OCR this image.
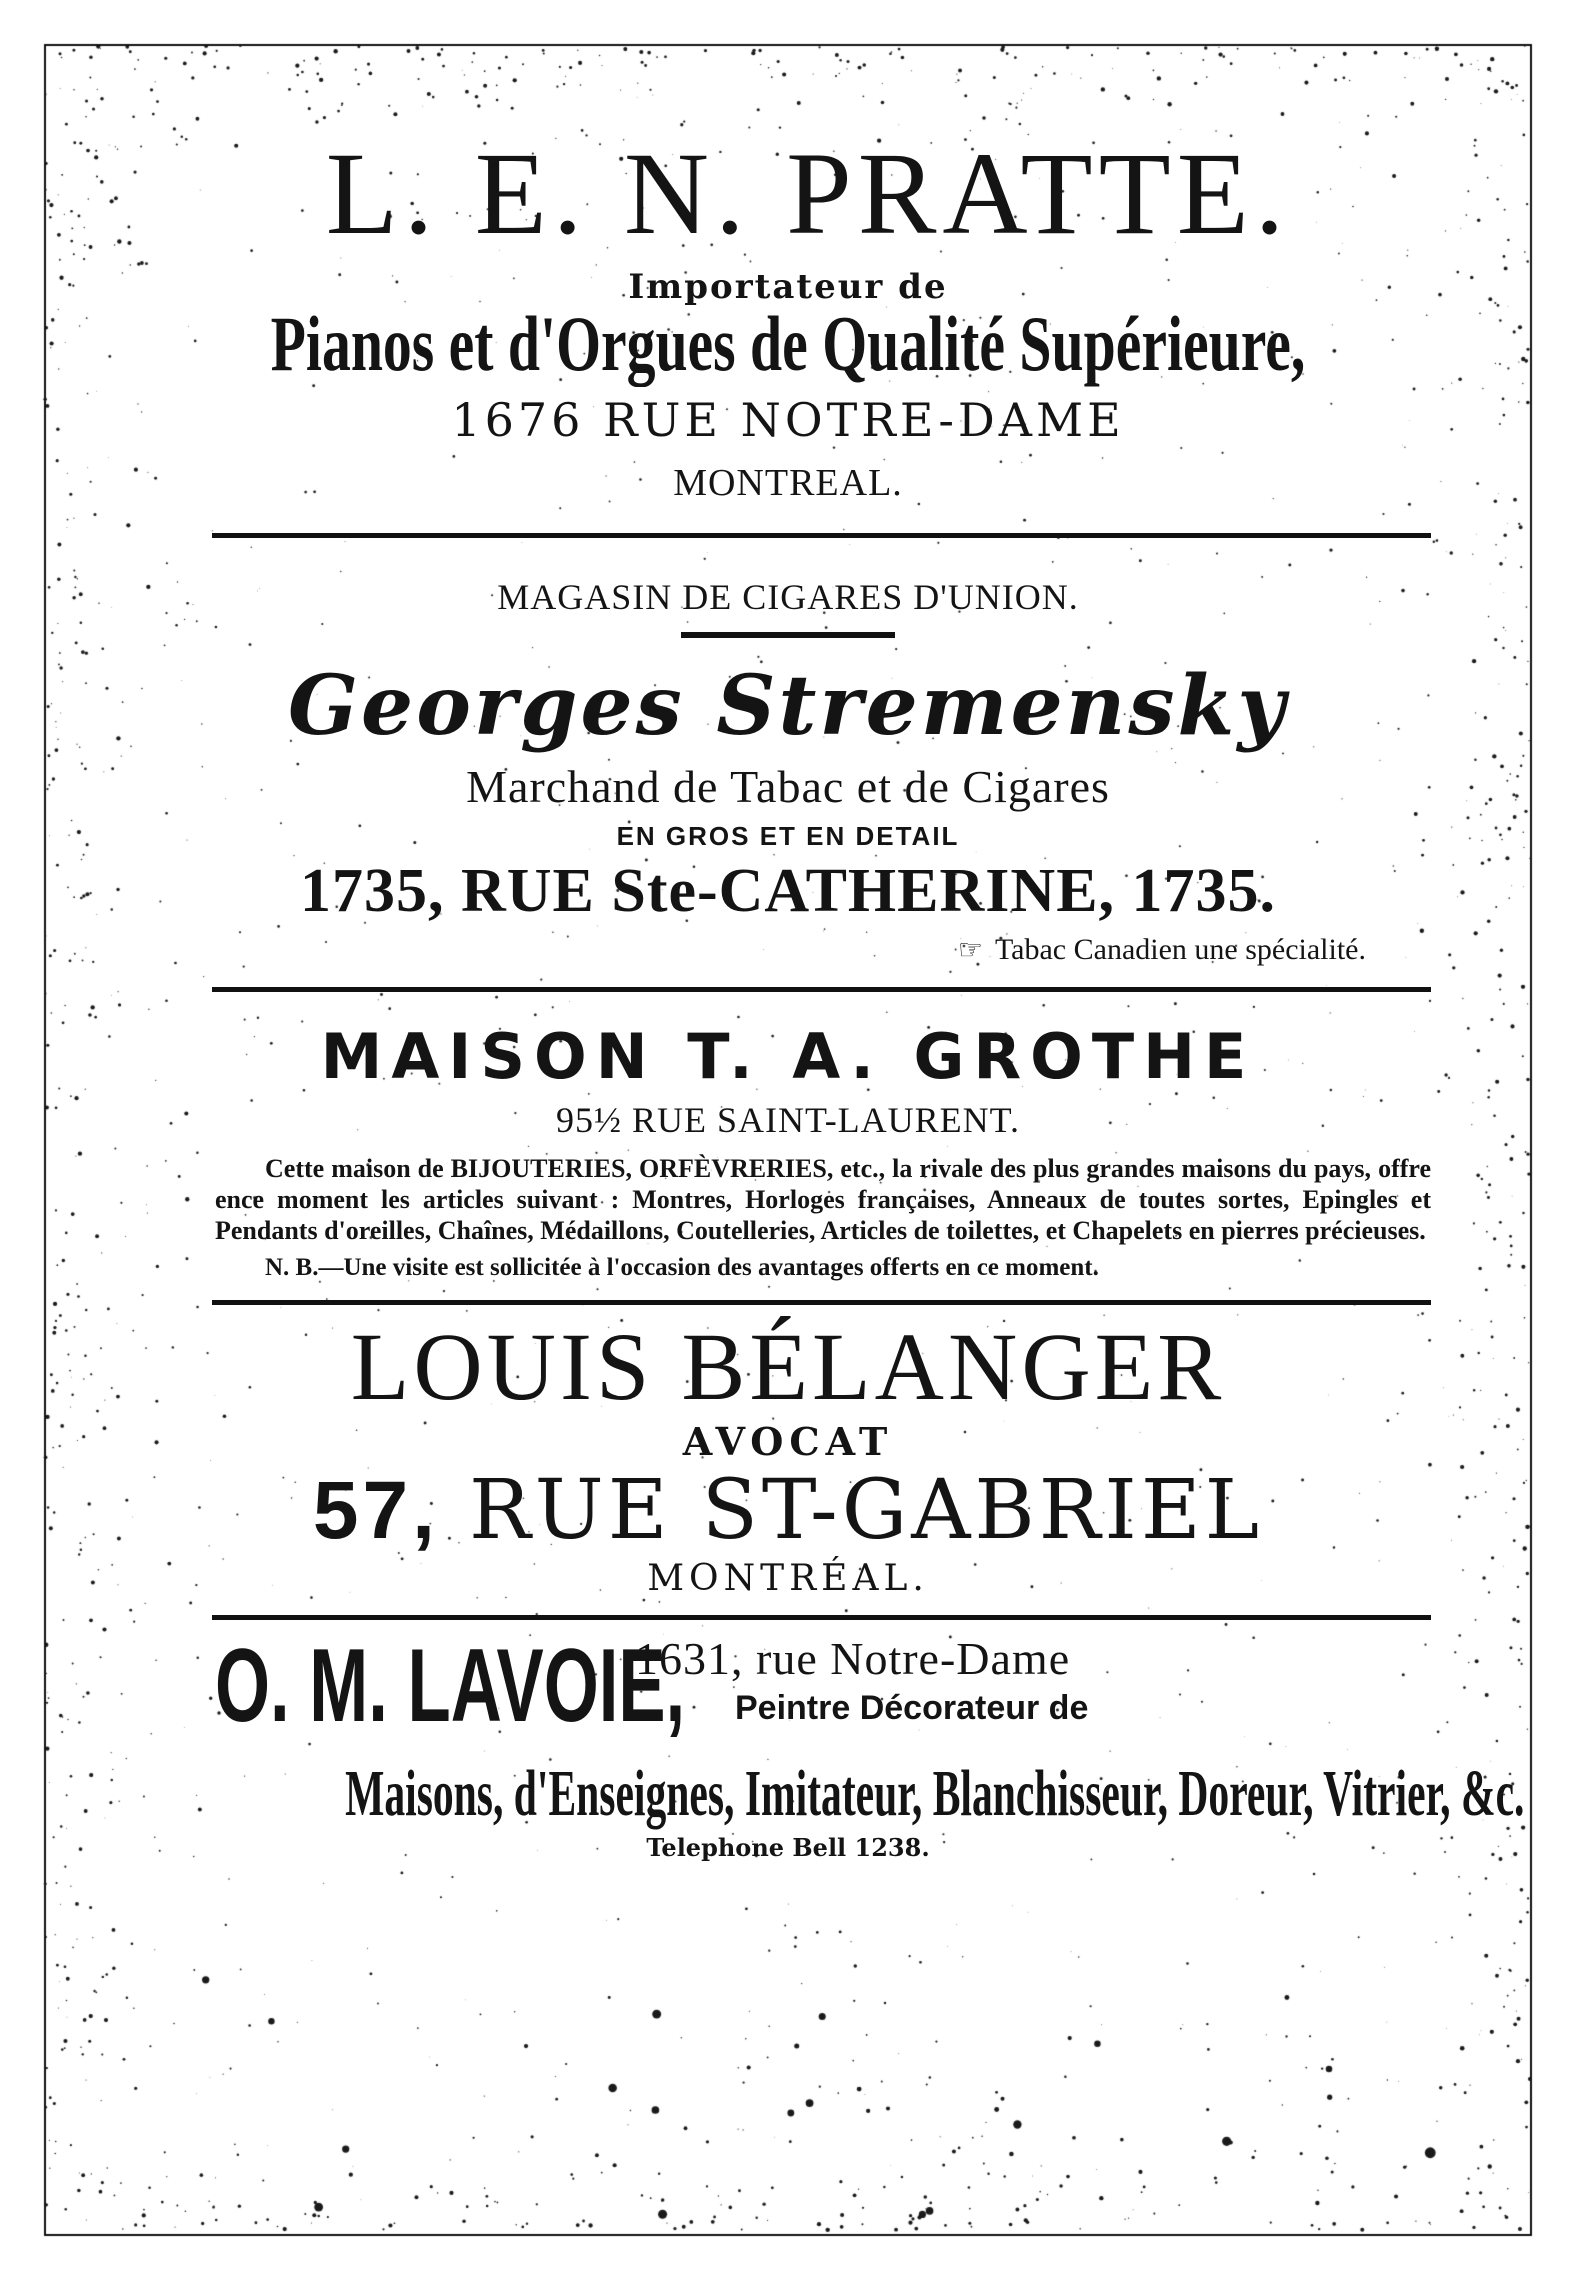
L. E. N. PRATTE.
Importateur de
Pianos et d'Orgues de Qualité Supérieure,
1676 RUE NOTRE-DAME
MONTREAL.
MAGASIN DE CIGARES D'UNION.
Georges Stremensky
Marchand de Tabac et de Cigares
EN GROS ET EN DETAIL
1735, RUE Ste-CATHERINE, 1735.
☞ Tabac Canadien une spécialité.
MAISON T. A. GROTHE
95½ RUE SAINT-LAURENT.
Cette maison de BIJOUTERIES, ORFÈVRERIES, etc., la rivale des plus grandes maisons du pays, offre ence moment les articles suivant : Montres, Horloges françaises, Anneaux de toutes sortes, Epingles et Pendants d'oreilles, Chaînes, Médaillons, Coutelleries, Articles de toilettes, et Chapelets en pierres précieuses.
N. B.—Une visite est sollicitée à l'occasion des avantages offerts en ce moment.
LOUIS BÉLANGER
AVOCAT
57, RUE ST-GABRIEL
MONTRÉAL.
O. M. LAVOIE,
1631, rue Notre-Dame
Peintre Décorateur de
Maisons, d'Enseignes, Imitateur, Blanchisseur, Doreur, Vitrier, &c.
Telephone Bell 1238.
